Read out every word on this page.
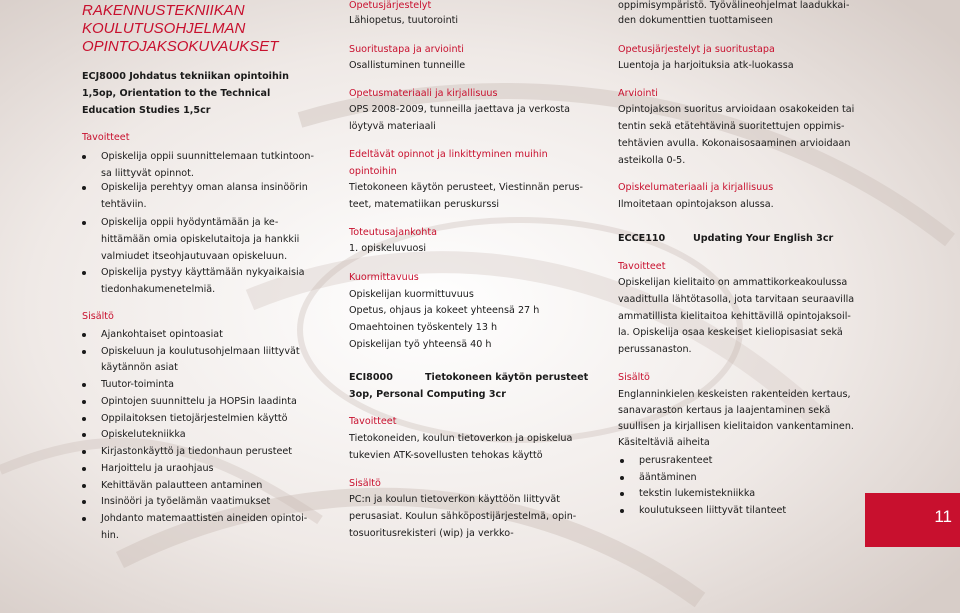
RAKENNUSTEKNIIKAN
KOULUTUSOHJELMAN
OPINTOJAKSOKUVAUKSET
ECJ8000 Johdatus tekniikan opintoihin
1,5op, Orientation to the Technical
Education Studies 1,5cr
Tavoitteet
Opiskelija oppii suunnittelemaan tutkintoon-
sa liittyvät opinnot.
Opiskelija perehtyy oman alansa insinöörin
tehtäviin.
Opiskelija oppii hyödyntämään ja ke-
hittämään omia opiskelutaitoja ja hankkii
valmiudet itseohjautuvaan opiskeluun.
Opiskelija pystyy käyttämään nykyaikaisia
tiedonhakumenetelmiä.
Sisältö
Ajankohtaiset opintoasiat
Opiskeluun ja koulutusohjelmaan liittyvät
käytännön asiat
Tuutor-toiminta
Opintojen suunnittelu ja HOPSin laadinta
Oppilaitoksen tietojärjestelmien käyttö
Opiskelutekniikka
Kirjastonkäyttö ja tiedonhaun perusteet
Harjoittelu ja uraohjaus
Kehittävän palautteen antaminen
Insinööri ja työelämän vaatimukset
Johdanto matemaattisten aineiden opintoi-
hin.
Opetusjärjestelyt
Lähiopetus, tuutorointi
Suoritustapa ja arviointi
Osallistuminen tunneille
Opetusmateriaali ja kirjallisuus
OPS 2008-2009, tunneilla jaettava ja verkosta
löytyvä materiaali
Edeltävät opinnot ja linkittyminen muihin
opintoihin
Tietokoneen käytön perusteet, Viestinnän perus-
teet, matematiikan peruskurssi
Toteutusajankohta
1. opiskeluvuosi
Kuormittavuus
Opiskelijan kuormittuvuus
Opetus, ohjaus ja kokeet yhteensä 27 h
Omaehtoinen työskentely 13 h
Opiskelijan työ yhteensä 40 h
ECI8000	Tietokoneen käytön perusteet
3op, Personal Computing 3cr
Tavoitteet
Tietokoneiden, koulun tietoverkon ja opiskelua
tukevien ATK-sovellusten tehokas käyttö
Sisältö
PC:n ja koulun tietoverkon käyttöön liittyvät
perusasiat. Koulun sähköpostijärjestelmä, opin-
tosuoritusrekisteri (wip) ja verkko-
oppimisympäristö. Työvälineohjelmat laadukkai-
den dokumenttien tuottamiseen
Opetusjärjestelyt ja suoritustapa
Luentoja ja harjoituksia atk-luokassa
Arviointi
Opintojakson suoritus arvioidaan osakokeiden tai
tentin sekä etätehtävinä suoritettujen oppimis-
tehtävien avulla. Kokonaisosaaminen arvioidaan
asteikolla 0-5.
Opiskelumateriaali ja kirjallisuus
Ilmoitetaan opintojakson alussa.
ECCE110	Updating Your English 3cr
Tavoitteet
Opiskelijan kielitaito on ammattikorkeakoulussa
vaadittulla lähtötasolla, jota tarvitaan seuraavilla
ammatillista kielitaitoa kehittävillä opintojaksoil-
la. Opiskelija osaa keskeiset kieliopisasiat sekä
perussanaston.
Sisältö
Englanninkielen keskeisten rakenteiden kertaus,
sanavaraston kertaus ja laajentaminen sekä
suullisen ja kirjallisen kielitaidon vankentaminen.
Käsiteltäviä aiheita
perusrakenteet
ääntäminen
tekstin lukemistekniikka
koulutukseen liittyvät tilanteet	11
